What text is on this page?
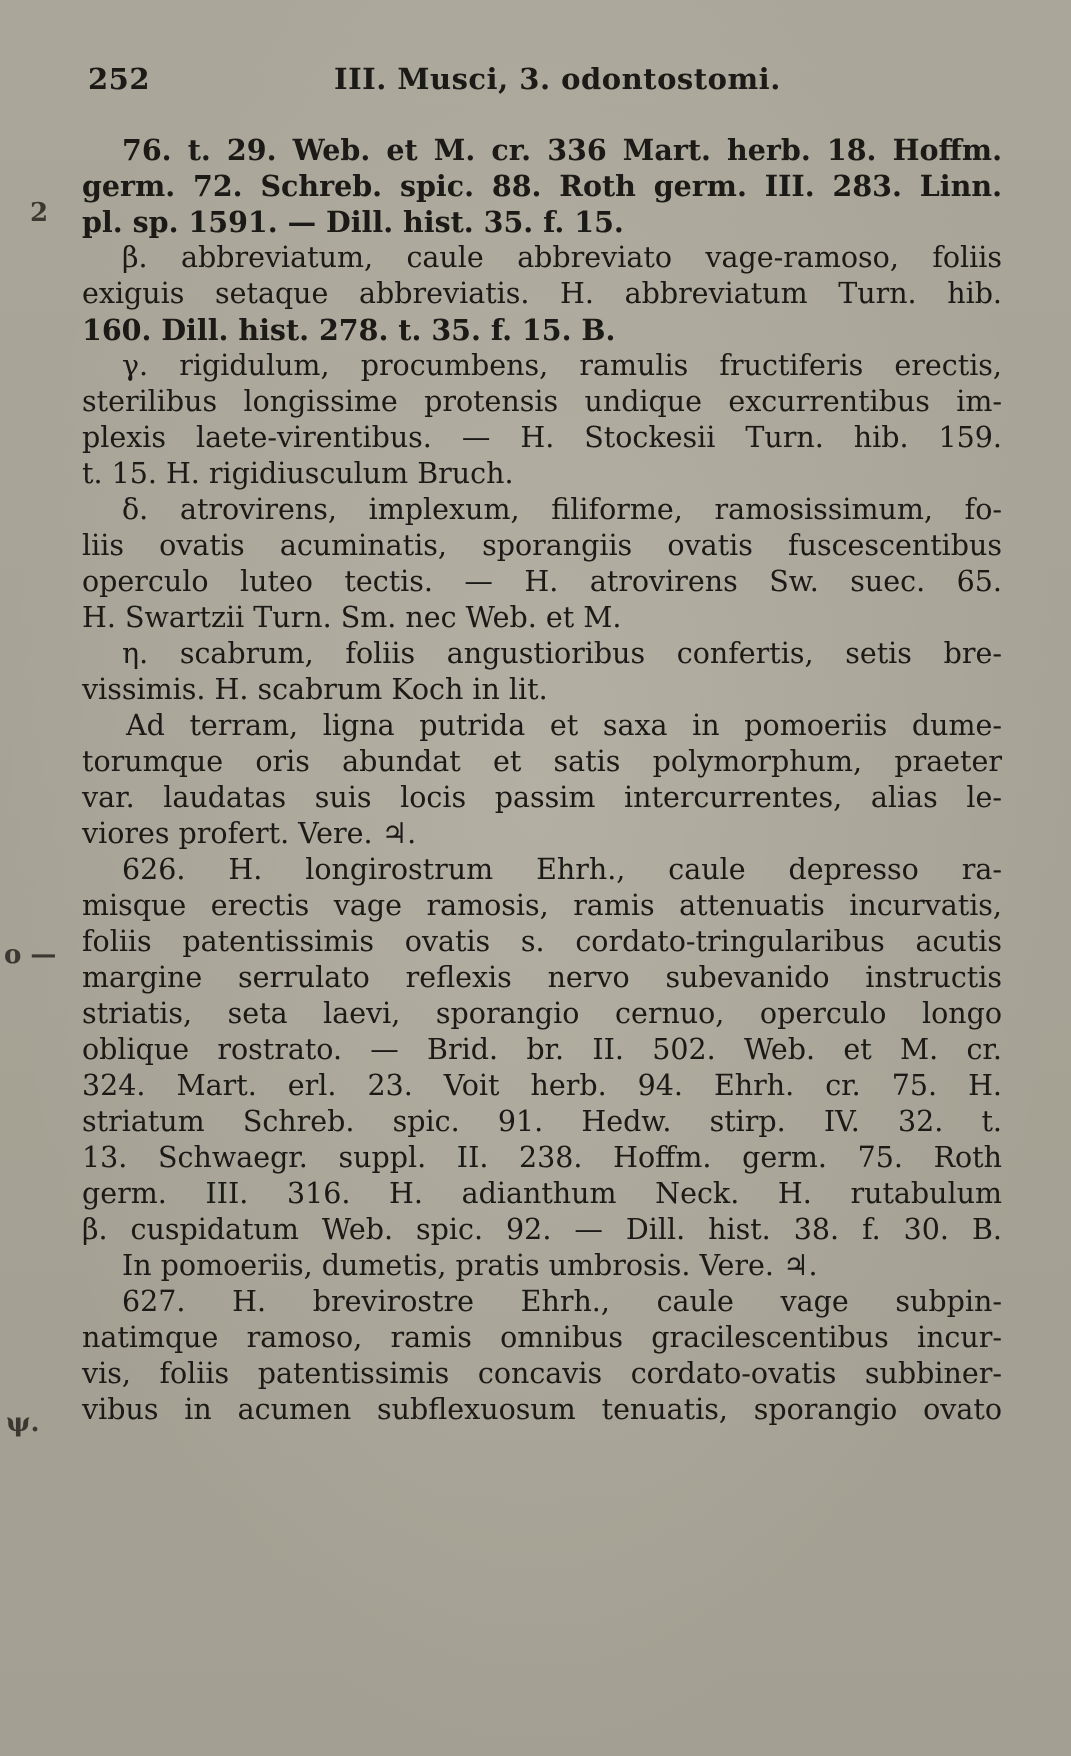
252	III. Musci, 3. odontostomi.
2
o —
ψ.
76. t. 29. Web. et M. cr. 336 Mart. herb. 18. Hoffm.
germ. 72. Schreb. spic. 88. Roth germ. III. 283. Linn.
pl. sp. 1591. — Dill. hist. 35. f. 15.
β. abbreviatum, caule abbreviato vage-ramoso, foliis
exiguis setaque abbreviatis. H. abbreviatum Turn. hib.
160. Dill. hist. 278. t. 35. f. 15. B.
γ. rigidulum, procumbens, ramulis fructiferis erectis,
sterilibus longissime protensis undique excurrentibus im-
plexis laete-virentibus. — H. Stockesii Turn. hib. 159.
t. 15. H. rigidiusculum Bruch.
δ. atrovirens, implexum, filiforme, ramosissimum, fo-
liis ovatis acuminatis, sporangiis ovatis fuscescentibus
operculo luteo tectis. — H. atrovirens Sw. suec. 65.
H. Swartzii Turn. Sm. nec Web. et M.
η. scabrum, foliis angustioribus confertis, setis bre-
vissimis. H. scabrum Koch in lit.
Ad terram, ligna putrida et saxa in pomoeriis dume-
torumque oris abundat et satis polymorphum, praeter
var. laudatas suis locis passim intercurrentes, alias le-
viores profert. Vere. ♃.
626. H. longirostrum Ehrh., caule depresso ra-
misque erectis vage ramosis, ramis attenuatis incurvatis,
foliis patentissimis ovatis s. cordato-tringularibus acutis
margine serrulato reflexis nervo subevanido instructis
striatis, seta laevi, sporangio cernuo, operculo longo
oblique rostrato. — Brid. br. II. 502. Web. et M. cr.
324. Mart. erl. 23. Voit herb. 94. Ehrh. cr. 75. H.
striatum Schreb. spic. 91. Hedw. stirp. IV. 32. t.
13. Schwaegr. suppl. II. 238. Hoffm. germ. 75. Roth
germ. III. 316. H. adianthum Neck. H. rutabulum
β. cuspidatum Web. spic. 92. — Dill. hist. 38. f. 30. B.
In pomoeriis, dumetis, pratis umbrosis. Vere. ♃.
627. H. brevirostre Ehrh., caule vage subpin-
natimque ramoso, ramis omnibus gracilescentibus incur-
vis, foliis patentissimis concavis cordato-ovatis subbiner-
vibus in acumen subflexuosum tenuatis, sporangio ovato
